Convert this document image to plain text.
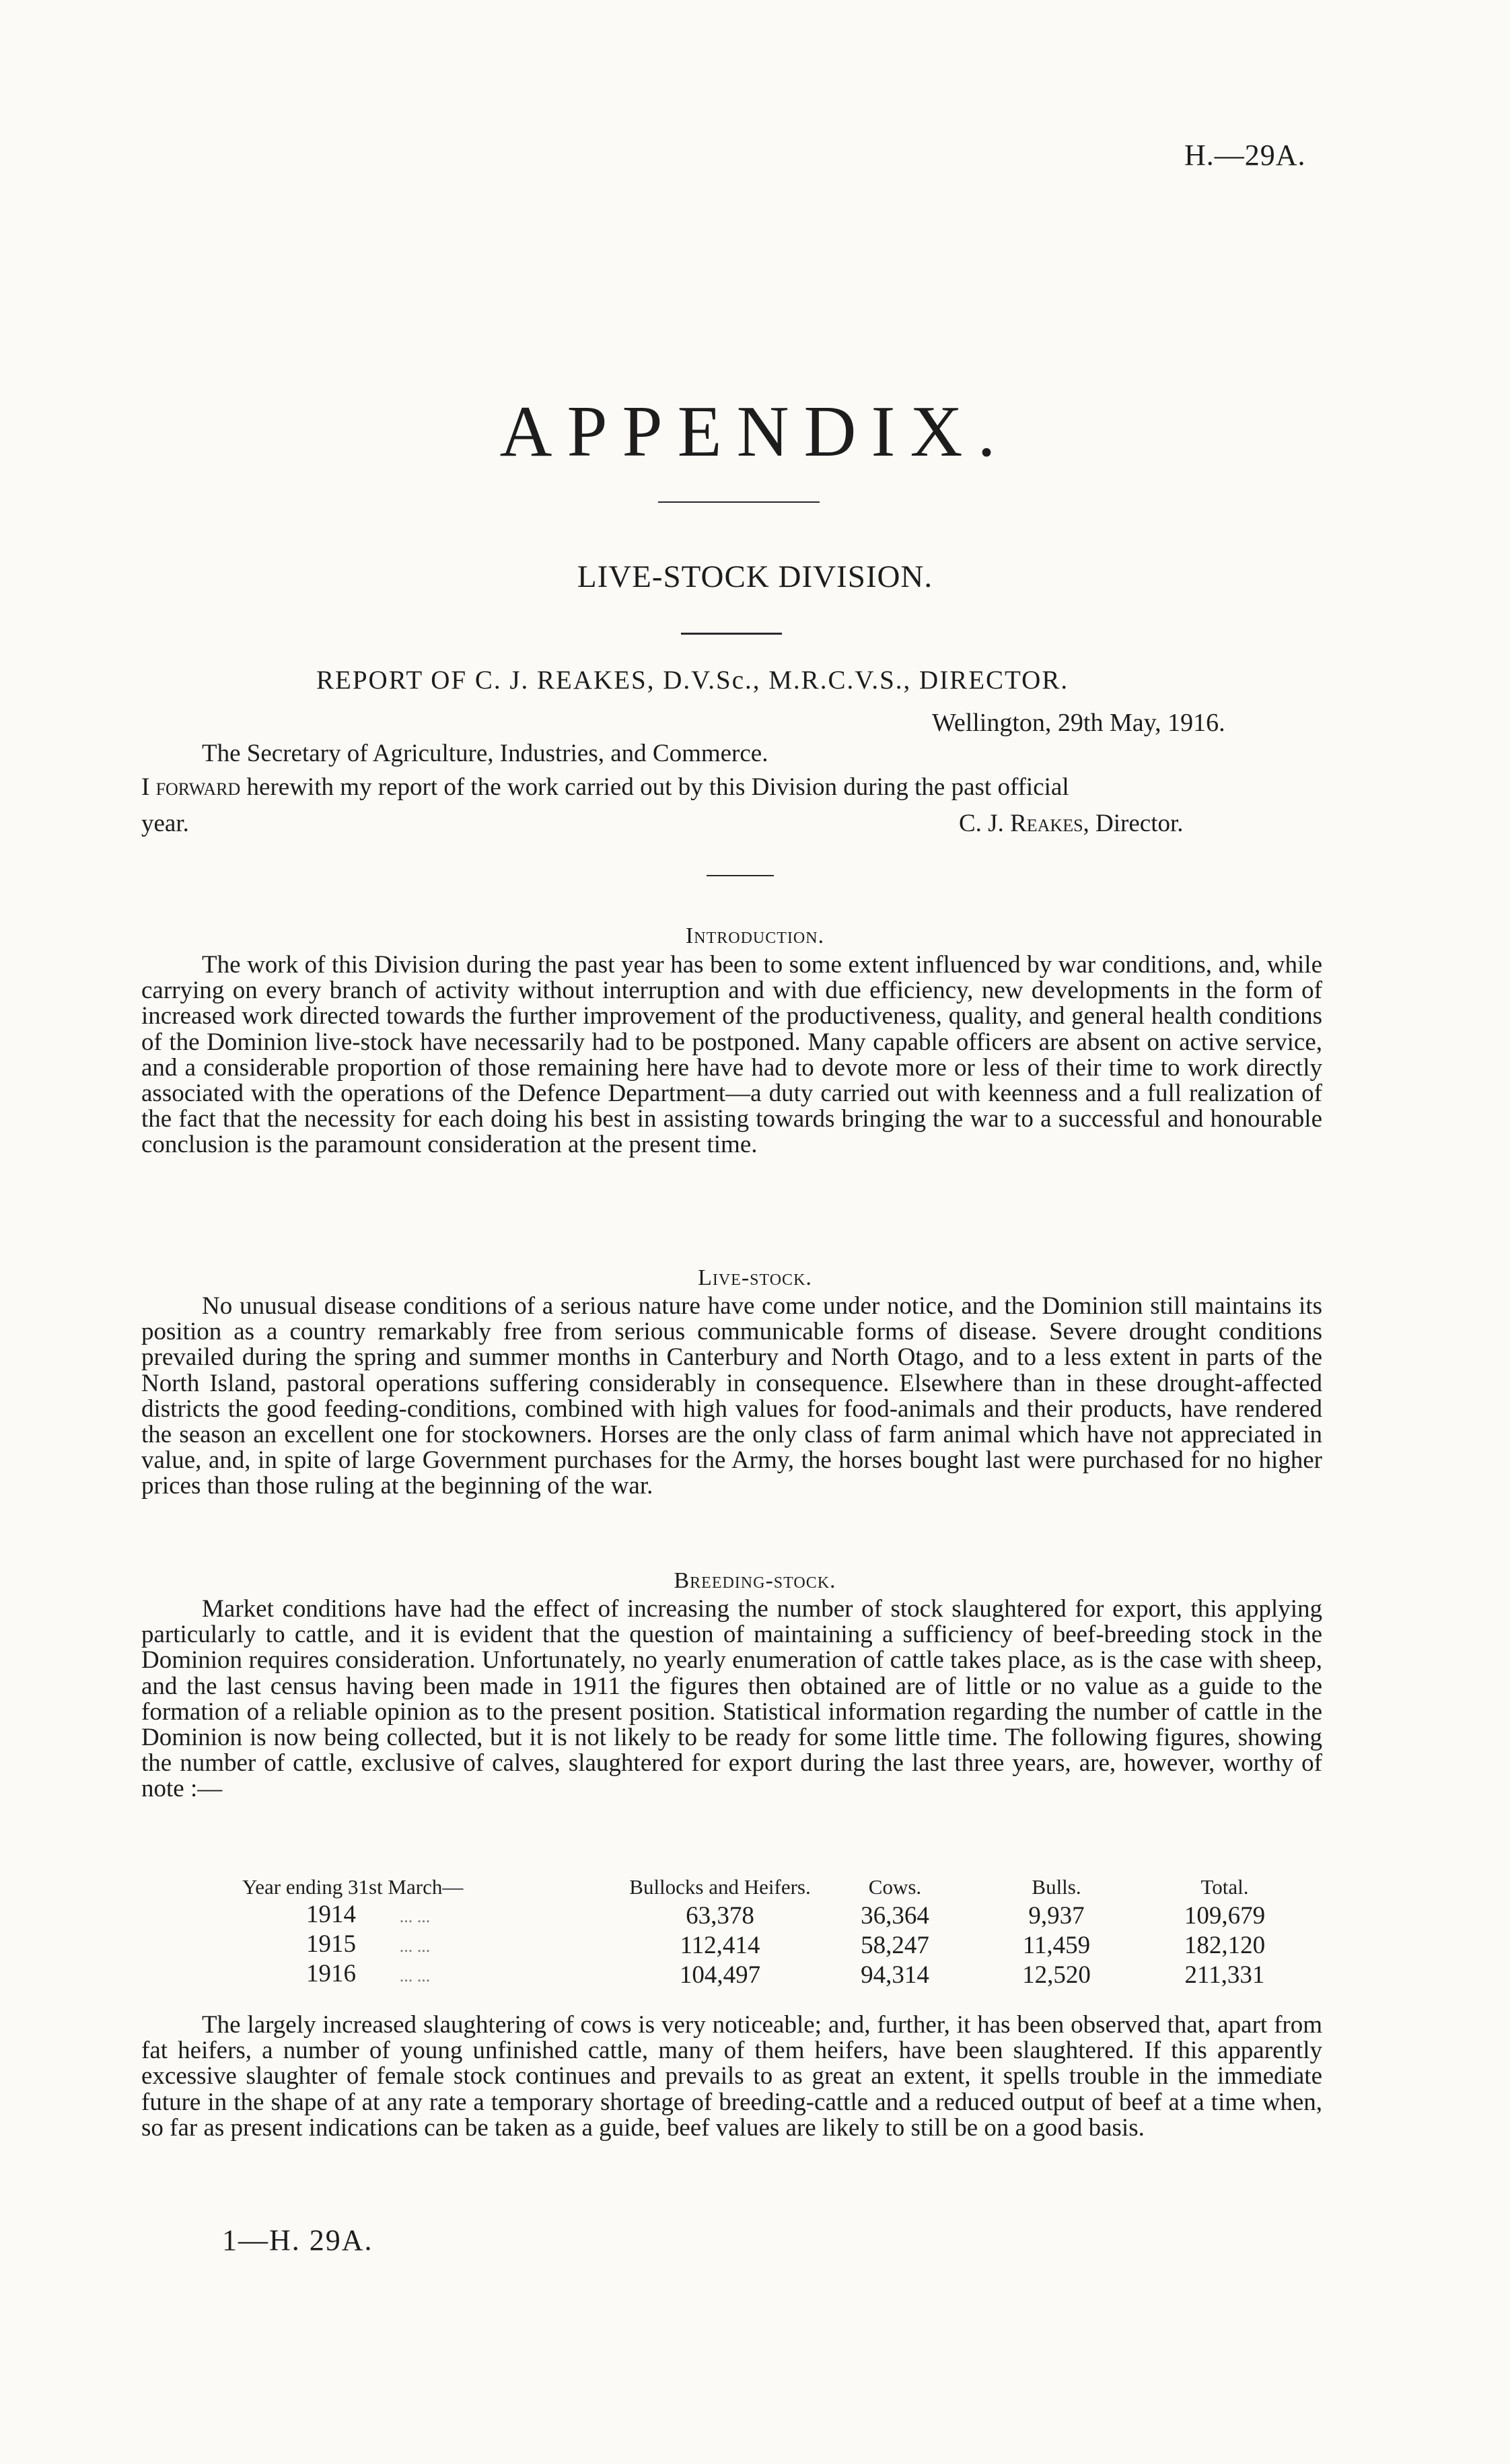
H.—29A.
APPENDIX.
LIVE-STOCK DIVISION.
REPORT OF C. J. REAKES, D.V.Sc., M.R.C.V.S., DIRECTOR.
Wellington, 29th May, 1916.
The Secretary of Agriculture, Industries, and Commerce.
I forward herewith my report of the work carried out by this Division during the past official
year.	C. J. Reakes, Director.
Introduction.
The work of this Division during the past year has been to some extent influenced by war conditions, and, while carrying on every branch of activity without interruption and with due efficiency, new developments in the form of increased work directed towards the further improvement of the productiveness, quality, and general health conditions of the Dominion live-stock have necessarily had to be postponed. Many capable officers are absent on active service, and a considerable proportion of those remaining here have had to devote more or less of their time to work directly associated with the operations of the Defence Department—a duty carried out with keenness and a full realization of the fact that the necessity for each doing his best in assisting towards bringing the war to a successful and honourable conclusion is the paramount consideration at the present time.
Live-stock.
No unusual disease conditions of a serious nature have come under notice, and the Dominion still maintains its position as a country remarkably free from serious communicable forms of disease. Severe drought conditions prevailed during the spring and summer months in Canterbury and North Otago, and to a less extent in parts of the North Island, pastoral operations suffering considerably in consequence. Elsewhere than in these drought-affected districts the good feeding-conditions, combined with high values for food-animals and their products, have rendered the season an excellent one for stockowners. Horses are the only class of farm animal which have not appreciated in value, and, in spite of large Government purchases for the Army, the horses bought last were purchased for no higher prices than those ruling at the beginning of the war.
Breeding-stock.
Market conditions have had the effect of increasing the number of stock slaughtered for export, this applying particularly to cattle, and it is evident that the question of maintaining a sufficiency of beef-breeding stock in the Dominion requires consideration. Unfortunately, no yearly enumeration of cattle takes place, as is the case with sheep, and the last census having been made in 1911 the figures then obtained are of little or no value as a guide to the formation of a reliable opinion as to the present position. Statistical information regarding the number of cattle in the Dominion is now being collected, but it is not likely to be ready for some little time. The following figures, showing the number of cattle, exclusive of calves, slaughtered for export during the last three years, are, however, worthy of note :—
Year ending 31st March—	Bullocks and Heifers.	Cows.	Bulls.	Total.
1914 ... ...	63,378	36,364	9,937	109,679
1915 ... ...	112,414	58,247	11,459	182,120
1916 ... ...	104,497	94,314	12,520	211,331
The largely increased slaughtering of cows is very noticeable; and, further, it has been observed that, apart from fat heifers, a number of young unfinished cattle, many of them heifers, have been slaughtered. If this apparently excessive slaughter of female stock continues and prevails to as great an extent, it spells trouble in the immediate future in the shape of at any rate a temporary shortage of breeding-cattle and a reduced output of beef at a time when, so far as present indications can be taken as a guide, beef values are likely to still be on a good basis.
1—H. 29A.
